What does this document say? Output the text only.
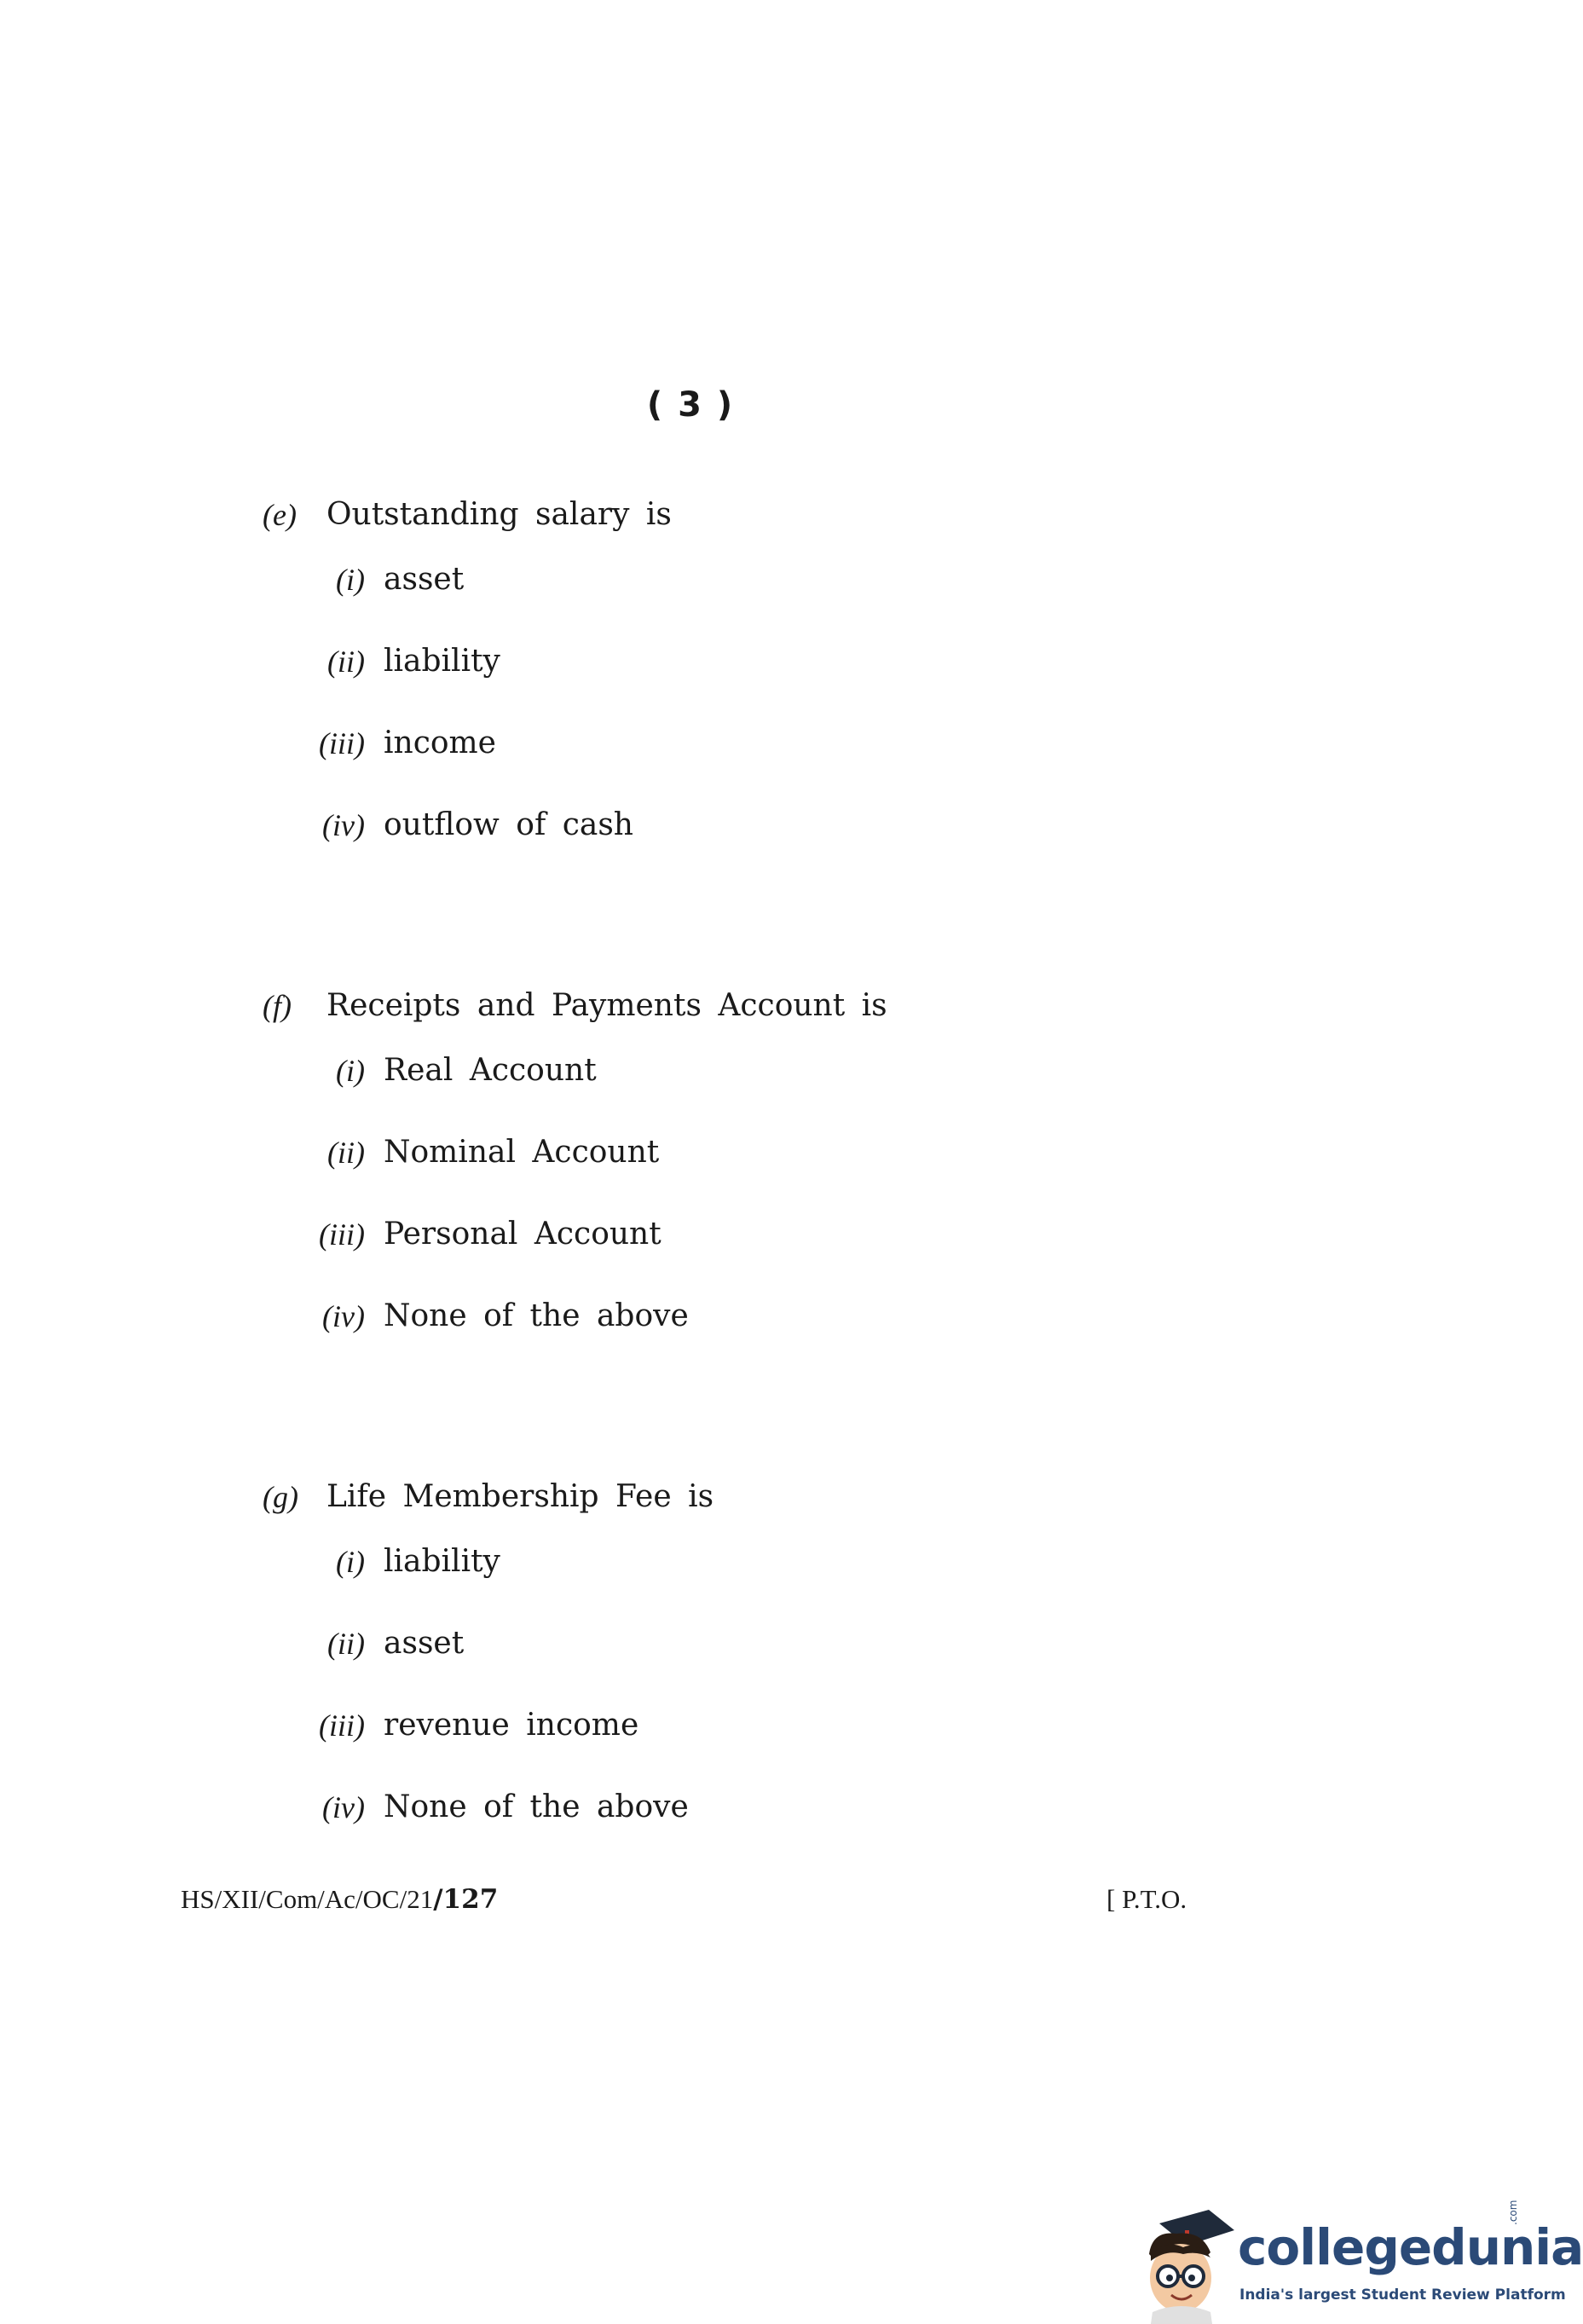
( 3 )
(e) Outstanding salary is
(i) asset
(ii) liability
(iii) income
(iv) outflow of cash
(f)	Receipts and Payments Account is
(i) Real Account
(ii) Nominal Account
(iii) Personal Account
(iv) None of the above
(g) Life Membership Fee is
(i) liability
(ii) asset
(iii) revenue income
(iv) None of the above
HS/XII/Com/Ac/OC/21/127	[ P.T.O.
collegedunia
.com
India's largest Student Review Platform
